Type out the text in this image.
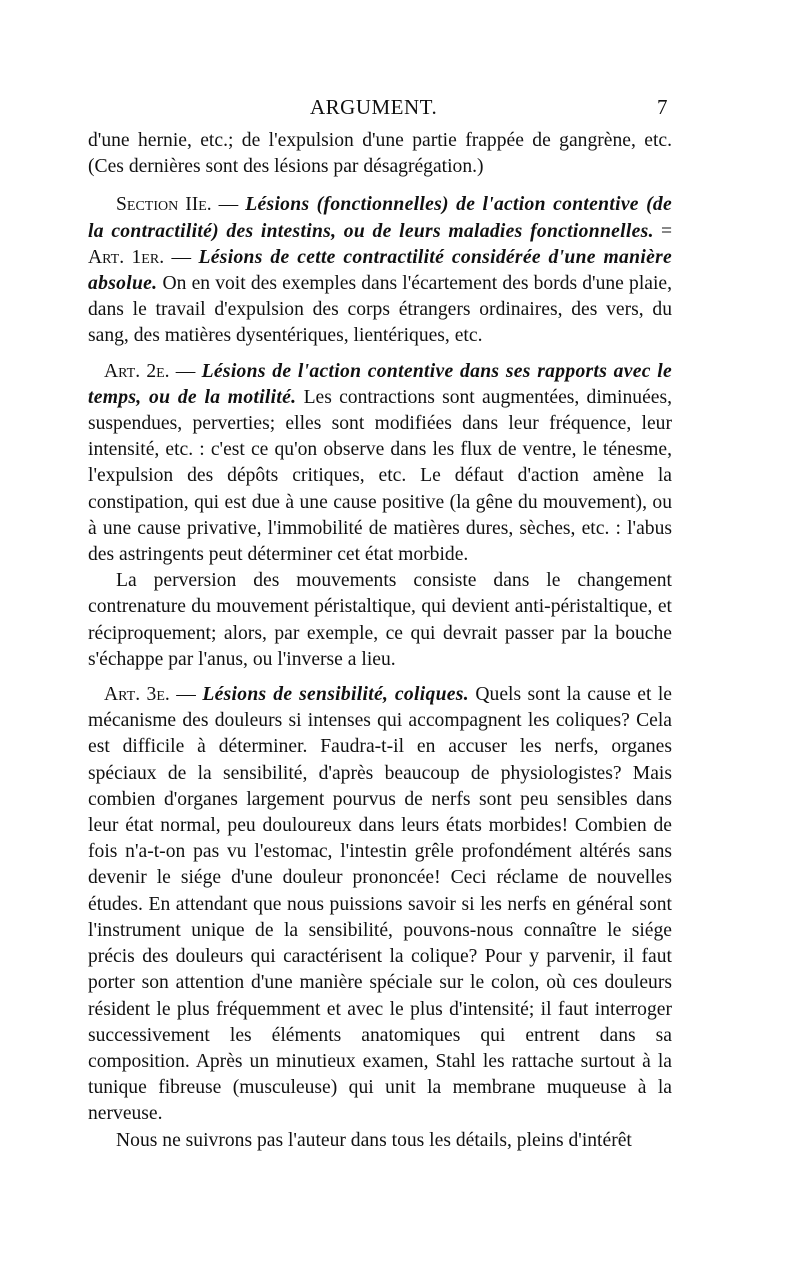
ARGUMENT.	7

d'une hernie, etc.; de l'expulsion d'une partie frappée de gangrène, etc. (Ces dernières sont des lésions par désagrégation.)

Section IIe. — Lésions (fonctionnelles) de l'action contentive (de la contractilité) des intestins, ou de leurs maladies fonctionnelles. = Art. 1er. — Lésions de cette contractilité considérée d'une manière absolue. On en voit des exemples dans l'écartement des bords d'une plaie, dans le travail d'expulsion des corps étrangers ordinaires, des vers, du sang, des matières dysentériques, lientériques, etc.

Art. 2e. — Lésions de l'action contentive dans ses rapports avec le temps, ou de la motilité. Les contractions sont augmentées, diminuées, suspendues, perverties; elles sont modifiées dans leur fréquence, leur intensité, etc. : c'est ce qu'on observe dans les flux de ventre, le ténesme, l'expulsion des dépôts critiques, etc. Le défaut d'action amène la constipation, qui est due à une cause positive (la gêne du mouvement), ou à une cause privative, l'immobilité de matières dures, sèches, etc. : l'abus des astringents peut déterminer cet état morbide.

La perversion des mouvements consiste dans le changement contrenature du mouvement péristaltique, qui devient anti-péristaltique, et réciproquement; alors, par exemple, ce qui devrait passer par la bouche s'échappe par l'anus, ou l'inverse a lieu.

Art. 3e. — Lésions de sensibilité, coliques. Quels sont la cause et le mécanisme des douleurs si intenses qui accompagnent les coliques? Cela est difficile à déterminer. Faudra-t-il en accuser les nerfs, organes spéciaux de la sensibilité, d'après beaucoup de physiologistes? Mais combien d'organes largement pourvus de nerfs sont peu sensibles dans leur état normal, peu douloureux dans leurs états morbides! Combien de fois n'a-t-on pas vu l'estomac, l'intestin grêle profondément altérés sans devenir le siége d'une douleur prononcée! Ceci réclame de nouvelles études. En attendant que nous puissions savoir si les nerfs en général sont l'instrument unique de la sensibilité, pouvons-nous connaître le siége précis des douleurs qui caractérisent la colique? Pour y parvenir, il faut porter son attention d'une manière spéciale sur le colon, où ces douleurs résident le plus fréquemment et avec le plus d'intensité; il faut interroger successivement les éléments anatomiques qui entrent dans sa composition. Après un minutieux examen, Stahl les rattache surtout à la tunique fibreuse (musculeuse) qui unit la membrane muqueuse à la nerveuse.

Nous ne suivrons pas l'auteur dans tous les détails, pleins d'intérêt
